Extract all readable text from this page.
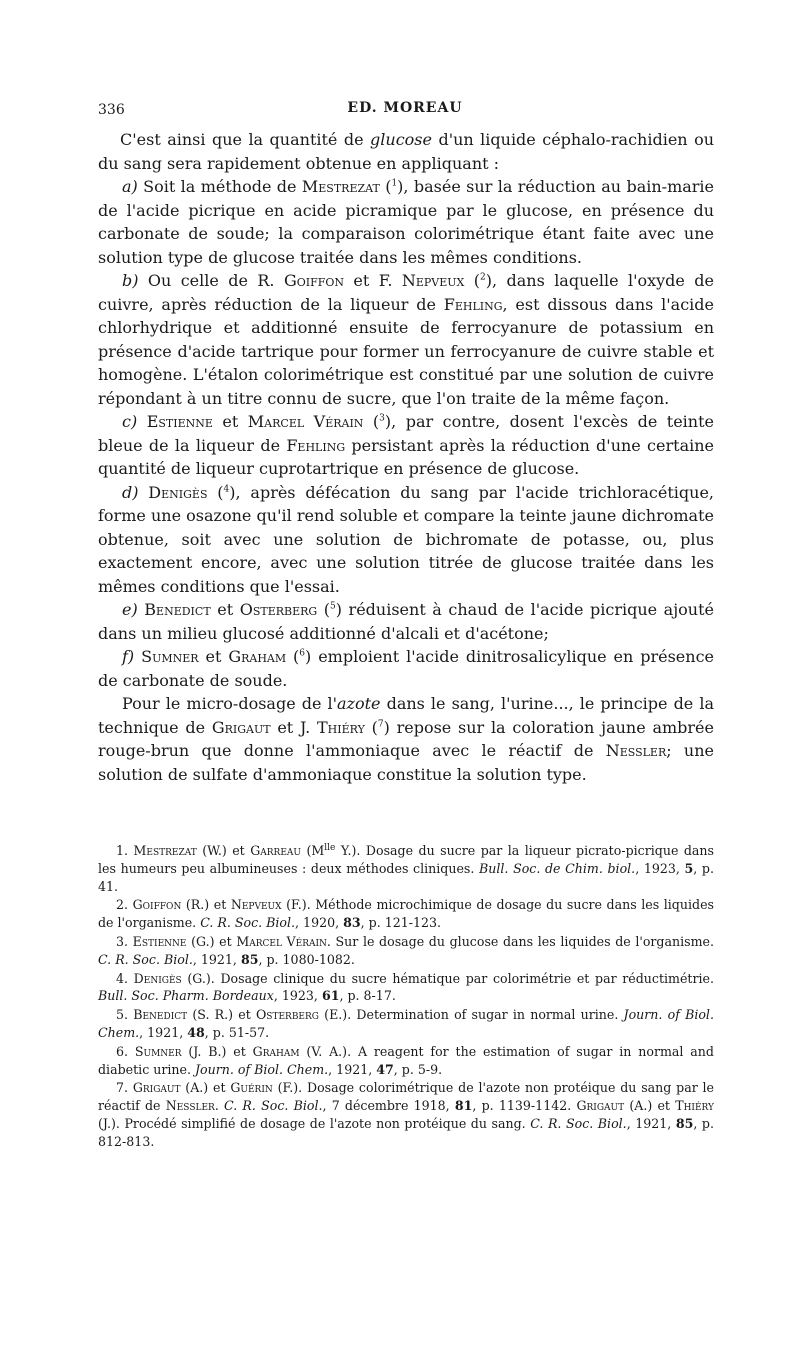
336	ED. MOREAU

C'est ainsi que la quantité de glucose d'un liquide céphalo-rachidien ou du sang sera rapidement obtenue en appliquant :

a) Soit la méthode de Mestrezat ($^1$), basée sur la réduction au bain-marie de l'acide picrique en acide picramique par le glucose, en présence du carbonate de soude; la comparaison colorimétrique étant faite avec une solution type de glucose traitée dans les mêmes conditions.

b) Ou celle de R. Goiffon et F. Nepveux ($^2$), dans laquelle l'oxyde de cuivre, après réduction de la liqueur de Fehling, est dissous dans l'acide chlorhydrique et additionné ensuite de ferrocyanure de potassium en présence d'acide tartrique pour former un ferrocyanure de cuivre stable et homogène. L'étalon colorimétrique est constitué par une solution de cuivre répondant à un titre connu de sucre, que l'on traite de la même façon.

c) Estienne et Marcel Vérain ($^3$), par contre, dosent l'excès de teinte bleue de la liqueur de Fehling persistant après la réduction d'une certaine quantité de liqueur cuprotartrique en présence de glucose.

d) Denigès ($^4$), après défécation du sang par l'acide trichloracétique, forme une osazone qu'il rend soluble et compare la teinte jaune dichromate obtenue, soit avec une solution de bichromate de potasse, ou, plus exactement encore, avec une solution titrée de glucose traitée dans les mêmes conditions que l'essai.

e) Benedict et Osterberg ($^5$) réduisent à chaud de l'acide picrique ajouté dans un milieu glucosé additionné d'alcali et d'acétone;

f) Sumner et Graham ($^6$) emploient l'acide dinitrosalicylique en présence de carbonate de soude.

Pour le micro-dosage de l'azote dans le sang, l'urine..., le principe de la technique de Grigaut et J. Thiéry ($^7$) repose sur la coloration jaune ambrée rouge-brun que donne l'ammoniaque avec le réactif de Nessler; une solution de sulfate d'ammoniaque constitue la solution type.

1. Mestrezat (W.) et Garreau ($M^{lle}$ Y.). Dosage du sucre par la liqueur picrato-picrique dans les humeurs peu albumineuses : deux méthodes cliniques. Bull. Soc. de Chim. biol., 1923, 5, p. 41.

2. Goiffon (R.) et Nepveux (F.). Méthode microchimique de dosage du sucre dans les liquides de l'organisme. C. R. Soc. Biol., 1920, 83, p. 121-123.

3. Estienne (G.) et Marcel Vérain. Sur le dosage du glucose dans les liquides de l'organisme. C. R. Soc. Biol., 1921, 85, p. 1080-1082.

4. Denigès (G.). Dosage clinique du sucre hématique par colorimétrie et par réductimétrie. Bull. Soc. Pharm. Bordeaux, 1923, 61, p. 8-17.

5. Benedict (S. R.) et Osterberg (E.). Determination of sugar in normal urine. Journ. of Biol. Chem., 1921, 48, p. 51-57.

6. Sumner (J. B.) et Graham (V. A.). A reagent for the estimation of sugar in normal and diabetic urine. Journ. of Biol. Chem., 1921, 47, p. 5-9.

7. Grigaut (A.) et Guérin (F.). Dosage colorimétrique de l'azote non protéique du sang par le réactif de Nessler. C. R. Soc. Biol., 7 décembre 1918, 81, p. 1139-1142. Grigaut (A.) et Thiéry (J.). Procédé simplifié de dosage de l'azote non protéique du sang. C. R. Soc. Biol., 1921, 85, p. 812-813.
